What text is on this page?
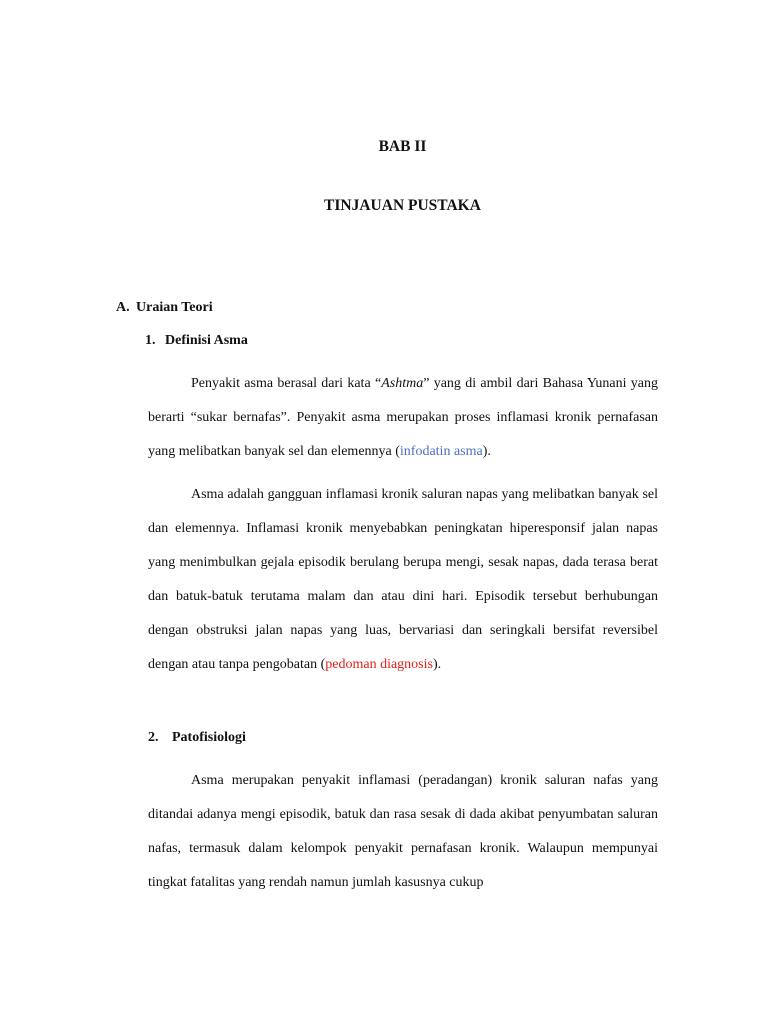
BAB II
TINJAUAN PUSTAKA
A. Uraian Teori
1. Definisi Asma

Penyakit asma berasal dari kata “Ashtma” yang di ambil dari Bahasa Yunani yang berarti “sukar bernafas”. Penyakit asma merupakan proses inflamasi kronik pernafasan yang melibatkan banyak sel dan elemennya (infodatin asma).

Asma adalah gangguan inflamasi kronik saluran napas yang melibatkan banyak sel dan elemennya. Inflamasi kronik menyebabkan peningkatan hiperesponsif jalan napas yang menimbulkan gejala episodik berulang berupa mengi, sesak napas, dada terasa berat dan batuk-batuk terutama malam dan atau dini hari. Episodik tersebut berhubungan dengan obstruksi jalan napas yang luas, bervariasi dan seringkali bersifat reversibel dengan atau tanpa pengobatan (pedoman diagnosis).

2. Patofisiologi

Asma merupakan penyakit inflamasi (peradangan) kronik saluran nafas yang ditandai adanya mengi episodik, batuk dan rasa sesak di dada akibat penyumbatan saluran nafas, termasuk dalam kelompok penyakit pernafasan kronik. Walaupun mempunyai tingkat fatalitas yang rendah namun jumlah kasusnya cukup
